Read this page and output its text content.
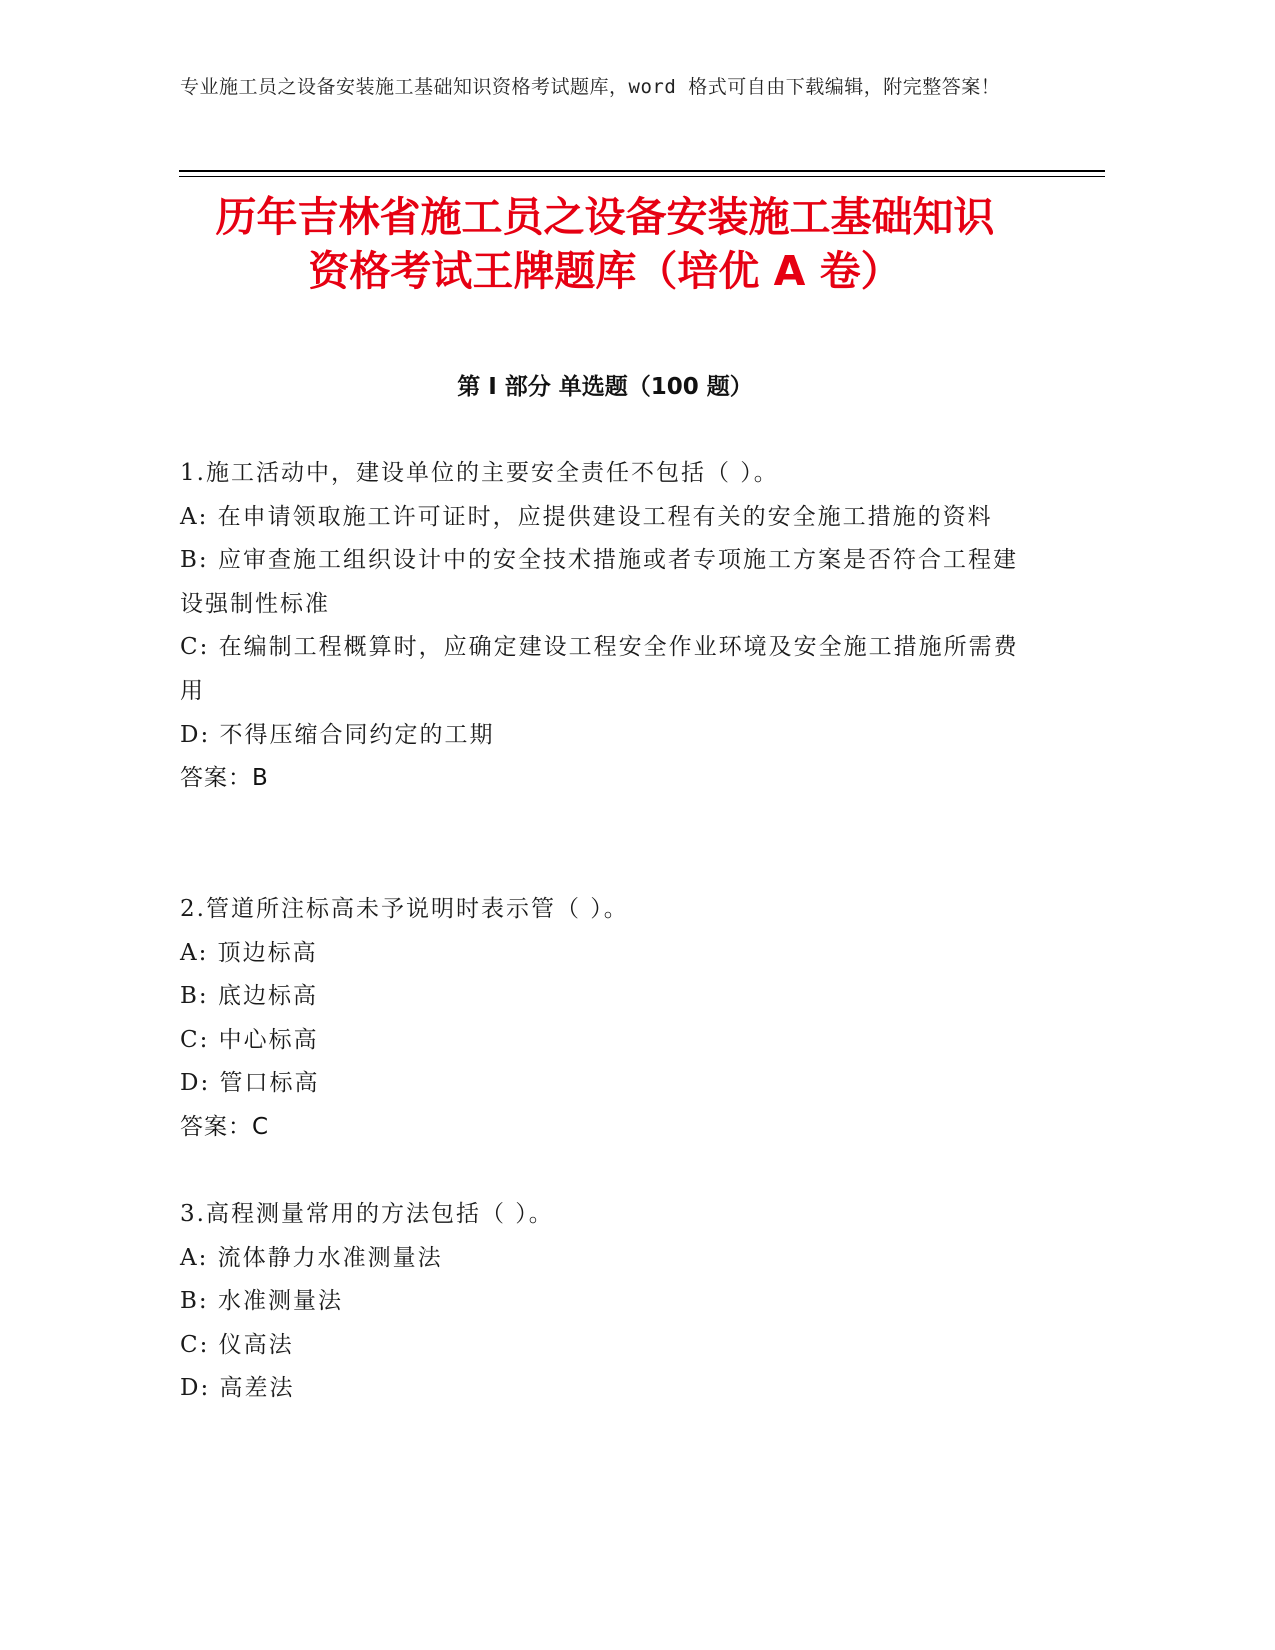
专业施工员之设备安装施工基础知识资格考试题库，word 格式可自由下载编辑，附完整答案！
历年吉林省施工员之设备安装施工基础知识
资格考试王牌题库（培优 A 卷）
第 I 部分 单选题（100 题）

1.施工活动中，建设单位的主要安全责任不包括（ ）。

A: 在申请领取施工许可证时，应提供建设工程有关的安全施工措施的资料

B: 应审查施工组织设计中的安全技术措施或者专项施工方案是否符合工程建设强制性标准

C: 在编制工程概算时，应确定建设工程安全作业环境及安全施工措施所需费用

D: 不得压缩合同约定的工期

答案：B

2.管道所注标高未予说明时表示管（ ）。

A: 顶边标高

B: 底边标高

C: 中心标高

D: 管口标高

答案：C

3.高程测量常用的方法包括（ ）。

A: 流体静力水准测量法

B: 水准测量法

C: 仪高法

D: 高差法
